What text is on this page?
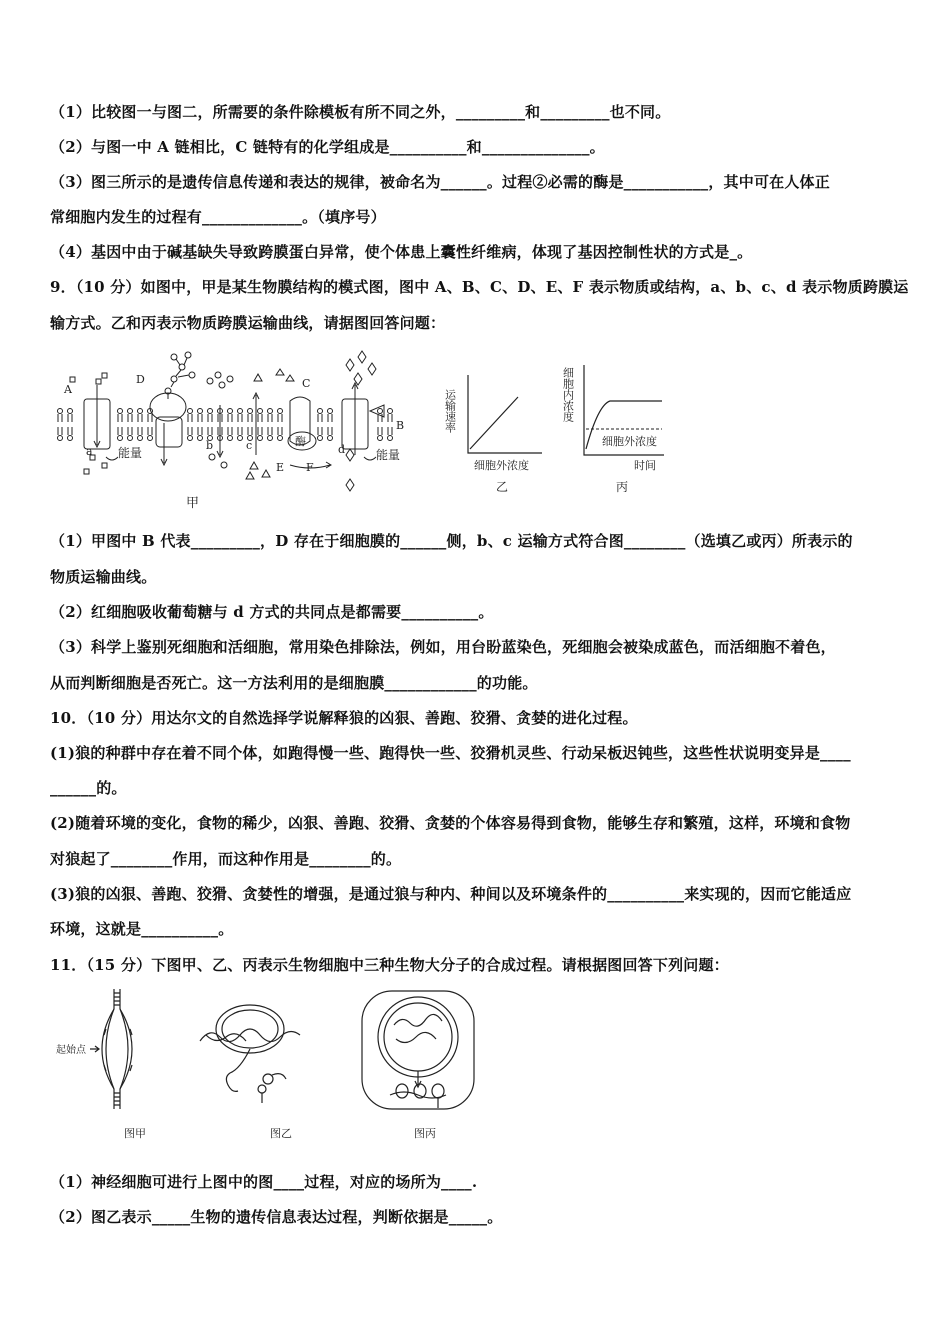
（1）比较图一与图二，所需要的条件除模板有所不同之外，_________和_________也不同。
（2）与图一中 A 链相比，C 链特有的化学组成是__________和______________。
（3）图三所示的是遗传信息传递和表达的规律，被命名为______。过程②必需的酶是___________，其中可在人体正
常细胞内发生的过程有_____________。（填序号）
（4）基因中由于碱基缺失导致跨膜蛋白异常，使个体患上囊性纤维病，体现了基因控制性状的方式是_。
9．（10 分）如图中，甲是某生物膜结构的模式图，图中 A、B、C、D、E、F 表示物质或结构，a、b、c、d 表示物质跨膜运
输方式。乙和丙表示物质跨膜运输曲线，请据图回答问题：
A
B
C
D
E F
a	b	c	d
能量	能量
酶
甲
运输速率
细胞外浓度
乙
细胞内浓度
细胞外浓度
时间
丙
（1）甲图中 B 代表_________，D 存在于细胞膜的______侧，b、c 运输方式符合图________（选填乙或丙）所表示的
物质运输曲线。
（2）红细胞吸收葡萄糖与 d 方式的共同点是都需要__________。
（3）科学上鉴别死细胞和活细胞，常用染色排除法，例如，用台盼蓝染色，死细胞会被染成蓝色，而活细胞不着色，
从而判断细胞是否死亡。这一方法利用的是细胞膜____________的功能。
10．（10 分）用达尔文的自然选择学说解释狼的凶狠、善跑、狡猾、贪婪的进化过程。
(1)狼的种群中存在着不同个体，如跑得慢一些、跑得快一些、狡猾机灵些、行动呆板迟钝些，这些性状说明变异是____
______的。
(2)随着环境的变化，食物的稀少，凶狠、善跑、狡猾、贪婪的个体容易得到食物，能够生存和繁殖，这样，环境和食物
对狼起了________作用，而这种作用是________的。
(3)狼的凶狠、善跑、狡猾、贪婪性的增强，是通过狼与种内、种间以及环境条件的__________来实现的，因而它能适应
环境，这就是__________。
11．（15 分）下图甲、乙、丙表示生物细胞中三种生物大分子的合成过程。请根据图回答下列问题：
起始点
图甲	图乙	图丙
（1）神经细胞可进行上图中的图____过程，对应的场所为____.
（2）图乙表示_____生物的遗传信息表达过程，判断依据是_____。
